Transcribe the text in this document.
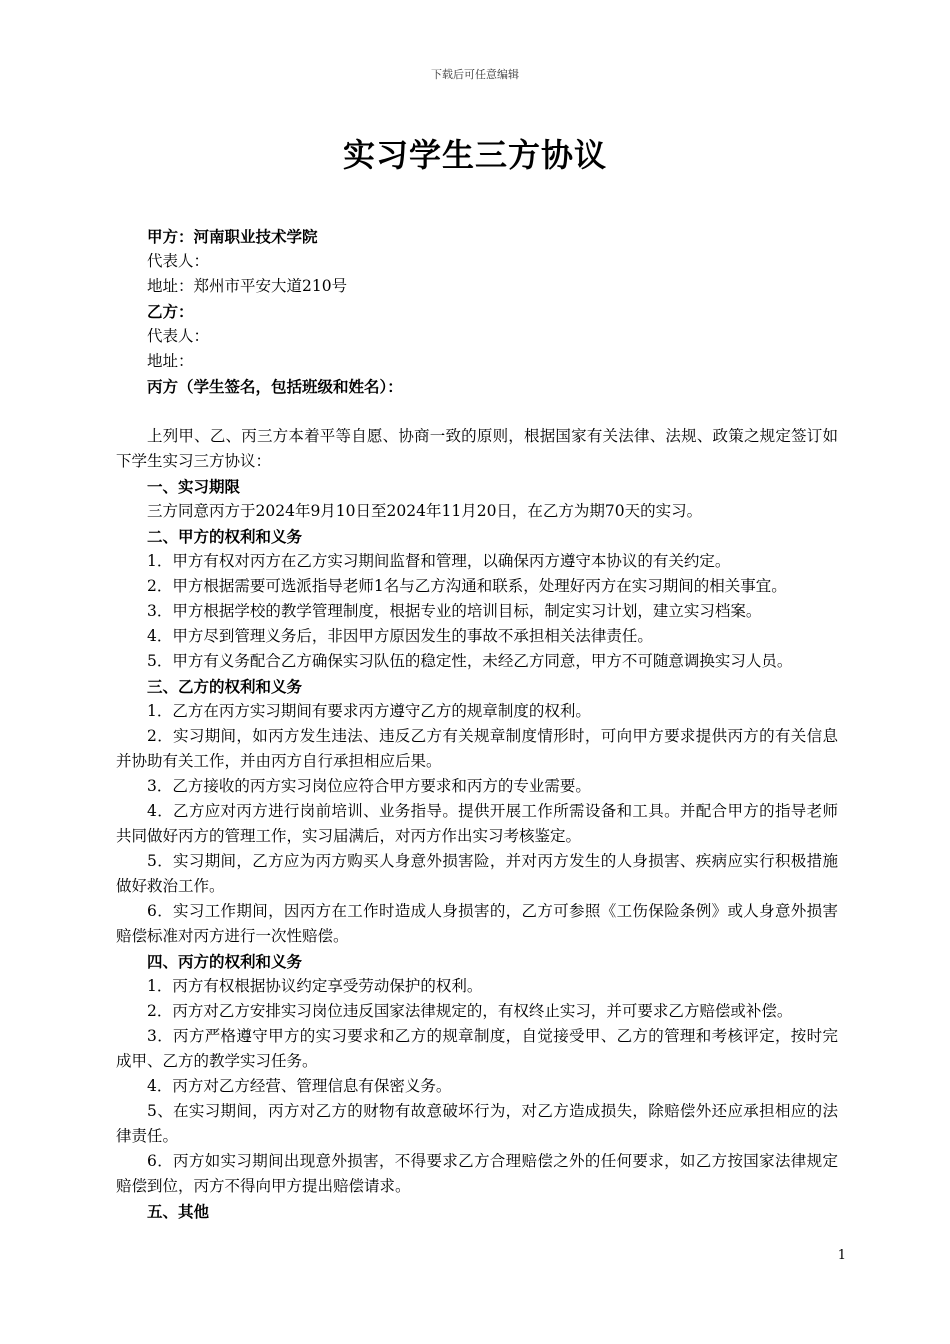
下载后可任意编辑
实习学生三方协议
甲方：河南职业技术学院
代表人：
地址：郑州市平安大道210号
乙方：
代表人：
地址：
丙方（学生签名，包括班级和姓名）：
上列甲、乙、丙三方本着平等自愿、协商一致的原则，根据国家有关法律、法规、政策之规定签订如下学生实习三方协议：
一、实习期限
三方同意丙方于2024年9月10日至2024年11月20日，在乙方为期70天的实习。
二、甲方的权利和义务
1．甲方有权对丙方在乙方实习期间监督和管理，以确保丙方遵守本协议的有关约定。
2．甲方根据需要可选派指导老师1名与乙方沟通和联系，处理好丙方在实习期间的相关事宜。
3．甲方根据学校的教学管理制度，根据专业的培训目标，制定实习计划，建立实习档案。
4．甲方尽到管理义务后，非因甲方原因发生的事故不承担相关法律责任。
5．甲方有义务配合乙方确保实习队伍的稳定性，未经乙方同意，甲方不可随意调换实习人员。
三、乙方的权利和义务
1．乙方在丙方实习期间有要求丙方遵守乙方的规章制度的权利。
2．实习期间，如丙方发生违法、违反乙方有关规章制度情形时，可向甲方要求提供丙方的有关信息并协助有关工作，并由丙方自行承担相应后果。
3．乙方接收的丙方实习岗位应符合甲方要求和丙方的专业需要。
4．乙方应对丙方进行岗前培训、业务指导。提供开展工作所需设备和工具。并配合甲方的指导老师共同做好丙方的管理工作，实习届满后，对丙方作出实习考核鉴定。
5．实习期间，乙方应为丙方购买人身意外损害险，并对丙方发生的人身损害、疾病应实行积极措施做好救治工作。
6．实习工作期间，因丙方在工作时造成人身损害的，乙方可参照《工伤保险条例》或人身意外损害赔偿标准对丙方进行一次性赔偿。
四、丙方的权利和义务
1．丙方有权根据协议约定享受劳动保护的权利。
2．丙方对乙方安排实习岗位违反国家法律规定的，有权终止实习，并可要求乙方赔偿或补偿。
3．丙方严格遵守甲方的实习要求和乙方的规章制度，自觉接受甲、乙方的管理和考核评定，按时完成甲、乙方的教学实习任务。
4．丙方对乙方经营、管理信息有保密义务。
5、在实习期间，丙方对乙方的财物有故意破坏行为，对乙方造成损失，除赔偿外还应承担相应的法律责任。
6．丙方如实习期间出现意外损害，不得要求乙方合理赔偿之外的任何要求，如乙方按国家法律规定赔偿到位，丙方不得向甲方提出赔偿请求。
五、其他
1
